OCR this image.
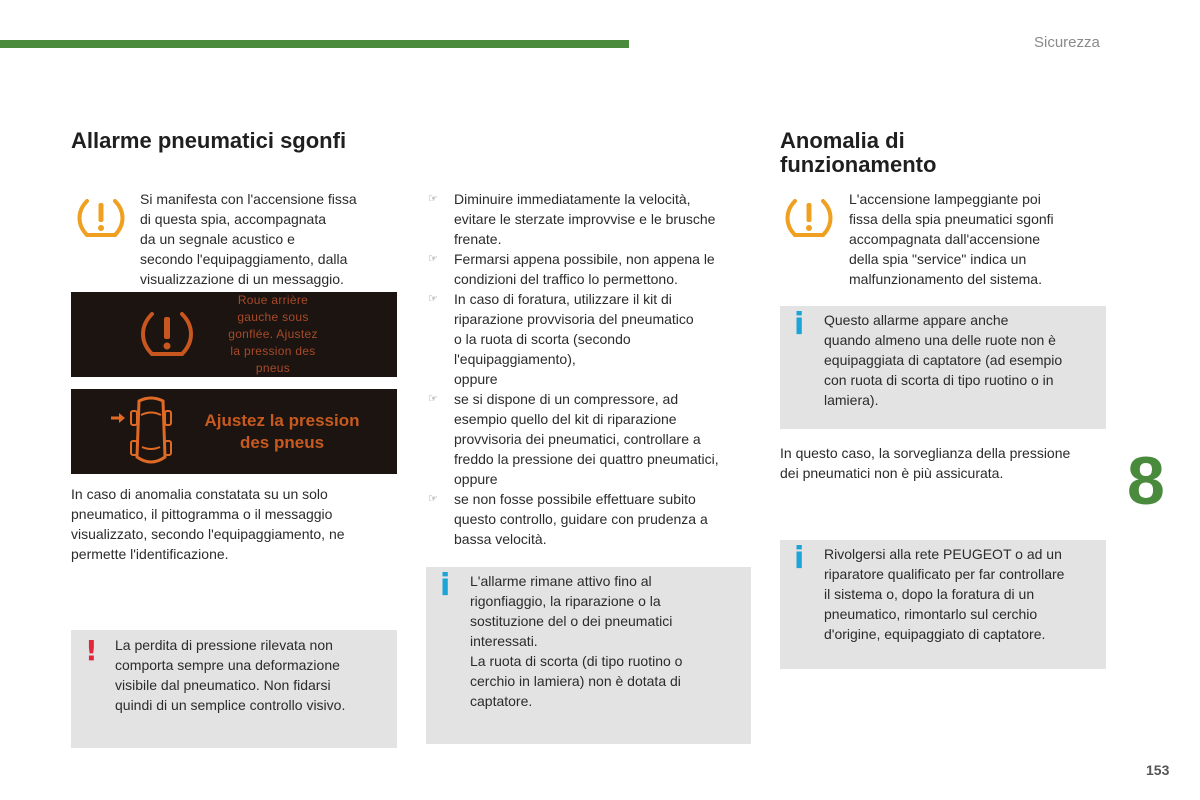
Sicurezza
Allarme pneumatici sgonfi
Si manifesta con l'accensione fissa
di questa spia, accompagnata
da un segnale acustico e
secondo l'equipaggiamento, dalla
visualizzazione di un messaggio.
Roue arrière
gauche sous
gonflée. Ajustez
la pression des
pneus
Ajustez la pression
des pneus
In caso di anomalia constatata su un solo
pneumatico, il pittogramma o il messaggio
visualizzato, secondo l'equipaggiamento, ne
permette l'identificazione.
! La perdita di pressione rilevata non
comporta sempre una deformazione
visibile dal pneumatico. Non fidarsi
quindi di un semplice controllo visivo.
☞ Diminuire immediatamente la velocità,
evitare le sterzate improvvise e le brusche
frenate.
☞ Fermarsi appena possibile, non appena le
condizioni del traffico lo permettono.
☞ In caso di foratura, utilizzare il kit di
riparazione provvisoria del pneumatico
o la ruota di scorta (secondo
l'equipaggiamento),
oppure
☞ se si dispone di un compressore, ad
esempio quello del kit di riparazione
provvisoria dei pneumatici, controllare a
freddo la pressione dei quattro pneumatici,
oppure
☞ se non fosse possibile effettuare subito
questo controllo, guidare con prudenza a
bassa velocità.
i L'allarme rimane attivo fino al
rigonfiaggio, la riparazione o la
sostituzione del o dei pneumatici
interessati.
La ruota di scorta (di tipo ruotino o
cerchio in lamiera) non è dotata di
captatore.
Anomalia di
funzionamento
L'accensione lampeggiante poi
fissa della spia pneumatici sgonfi
accompagnata dall'accensione
della spia "service" indica un
malfunzionamento del sistema.
i Questo allarme appare anche
quando almeno una delle ruote non è
equipaggiata di captatore (ad esempio
con ruota di scorta di tipo ruotino o in
lamiera).
In questo caso, la sorveglianza della pressione
dei pneumatici non è più assicurata.
i Rivolgersi alla rete PEUGEOT o ad un
riparatore qualificato per far controllare
il sistema o, dopo la foratura di un
pneumatico, rimontarlo sul cerchio
d'origine, equipaggiato di captatore.
8
153
